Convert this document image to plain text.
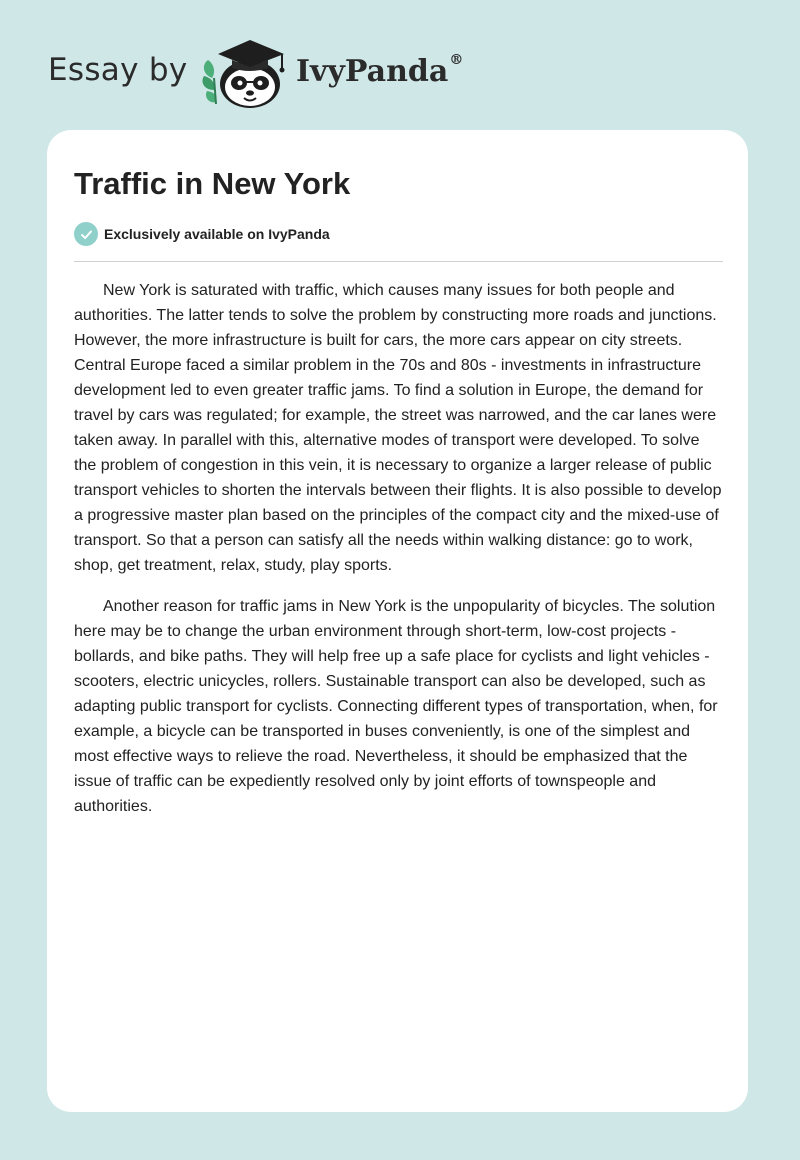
Essay by	IvyPanda®
Traffic in New York
Exclusively available on IvyPanda

New York is saturated with traffic, which causes many issues for both people and authorities. The latter tends to solve the problem by constructing more roads and junctions. However, the more infrastructure is built for cars, the more cars appear on city streets. Central Europe faced a similar problem in the 70s and 80s - investments in infrastructure development led to even greater traffic jams. To find a solution in Europe, the demand for travel by cars was regulated; for example, the street was narrowed, and the car lanes were taken away. In parallel with this, alternative modes of transport were developed. To solve the problem of congestion in this vein, it is necessary to organize a larger release of public transport vehicles to shorten the intervals between their flights. It is also possible to develop a progressive master plan based on the principles of the compact city and the mixed-use of transport. So that a person can satisfy all the needs within walking distance: go to work, shop, get treatment, relax, study, play sports.

Another reason for traffic jams in New York is the unpopularity of bicycles. The solution here may be to change the urban environment through short-term, low-cost projects - bollards, and bike paths. They will help free up a safe place for cyclists and light vehicles - scooters, electric unicycles, rollers. Sustainable transport can also be developed, such as adapting public transport for cyclists. Connecting different types of transportation, when, for example, a bicycle can be transported in buses conveniently, is one of the simplest and most effective ways to relieve the road. Nevertheless, it should be emphasized that the issue of traffic can be expediently resolved only by joint efforts of townspeople and authorities.
